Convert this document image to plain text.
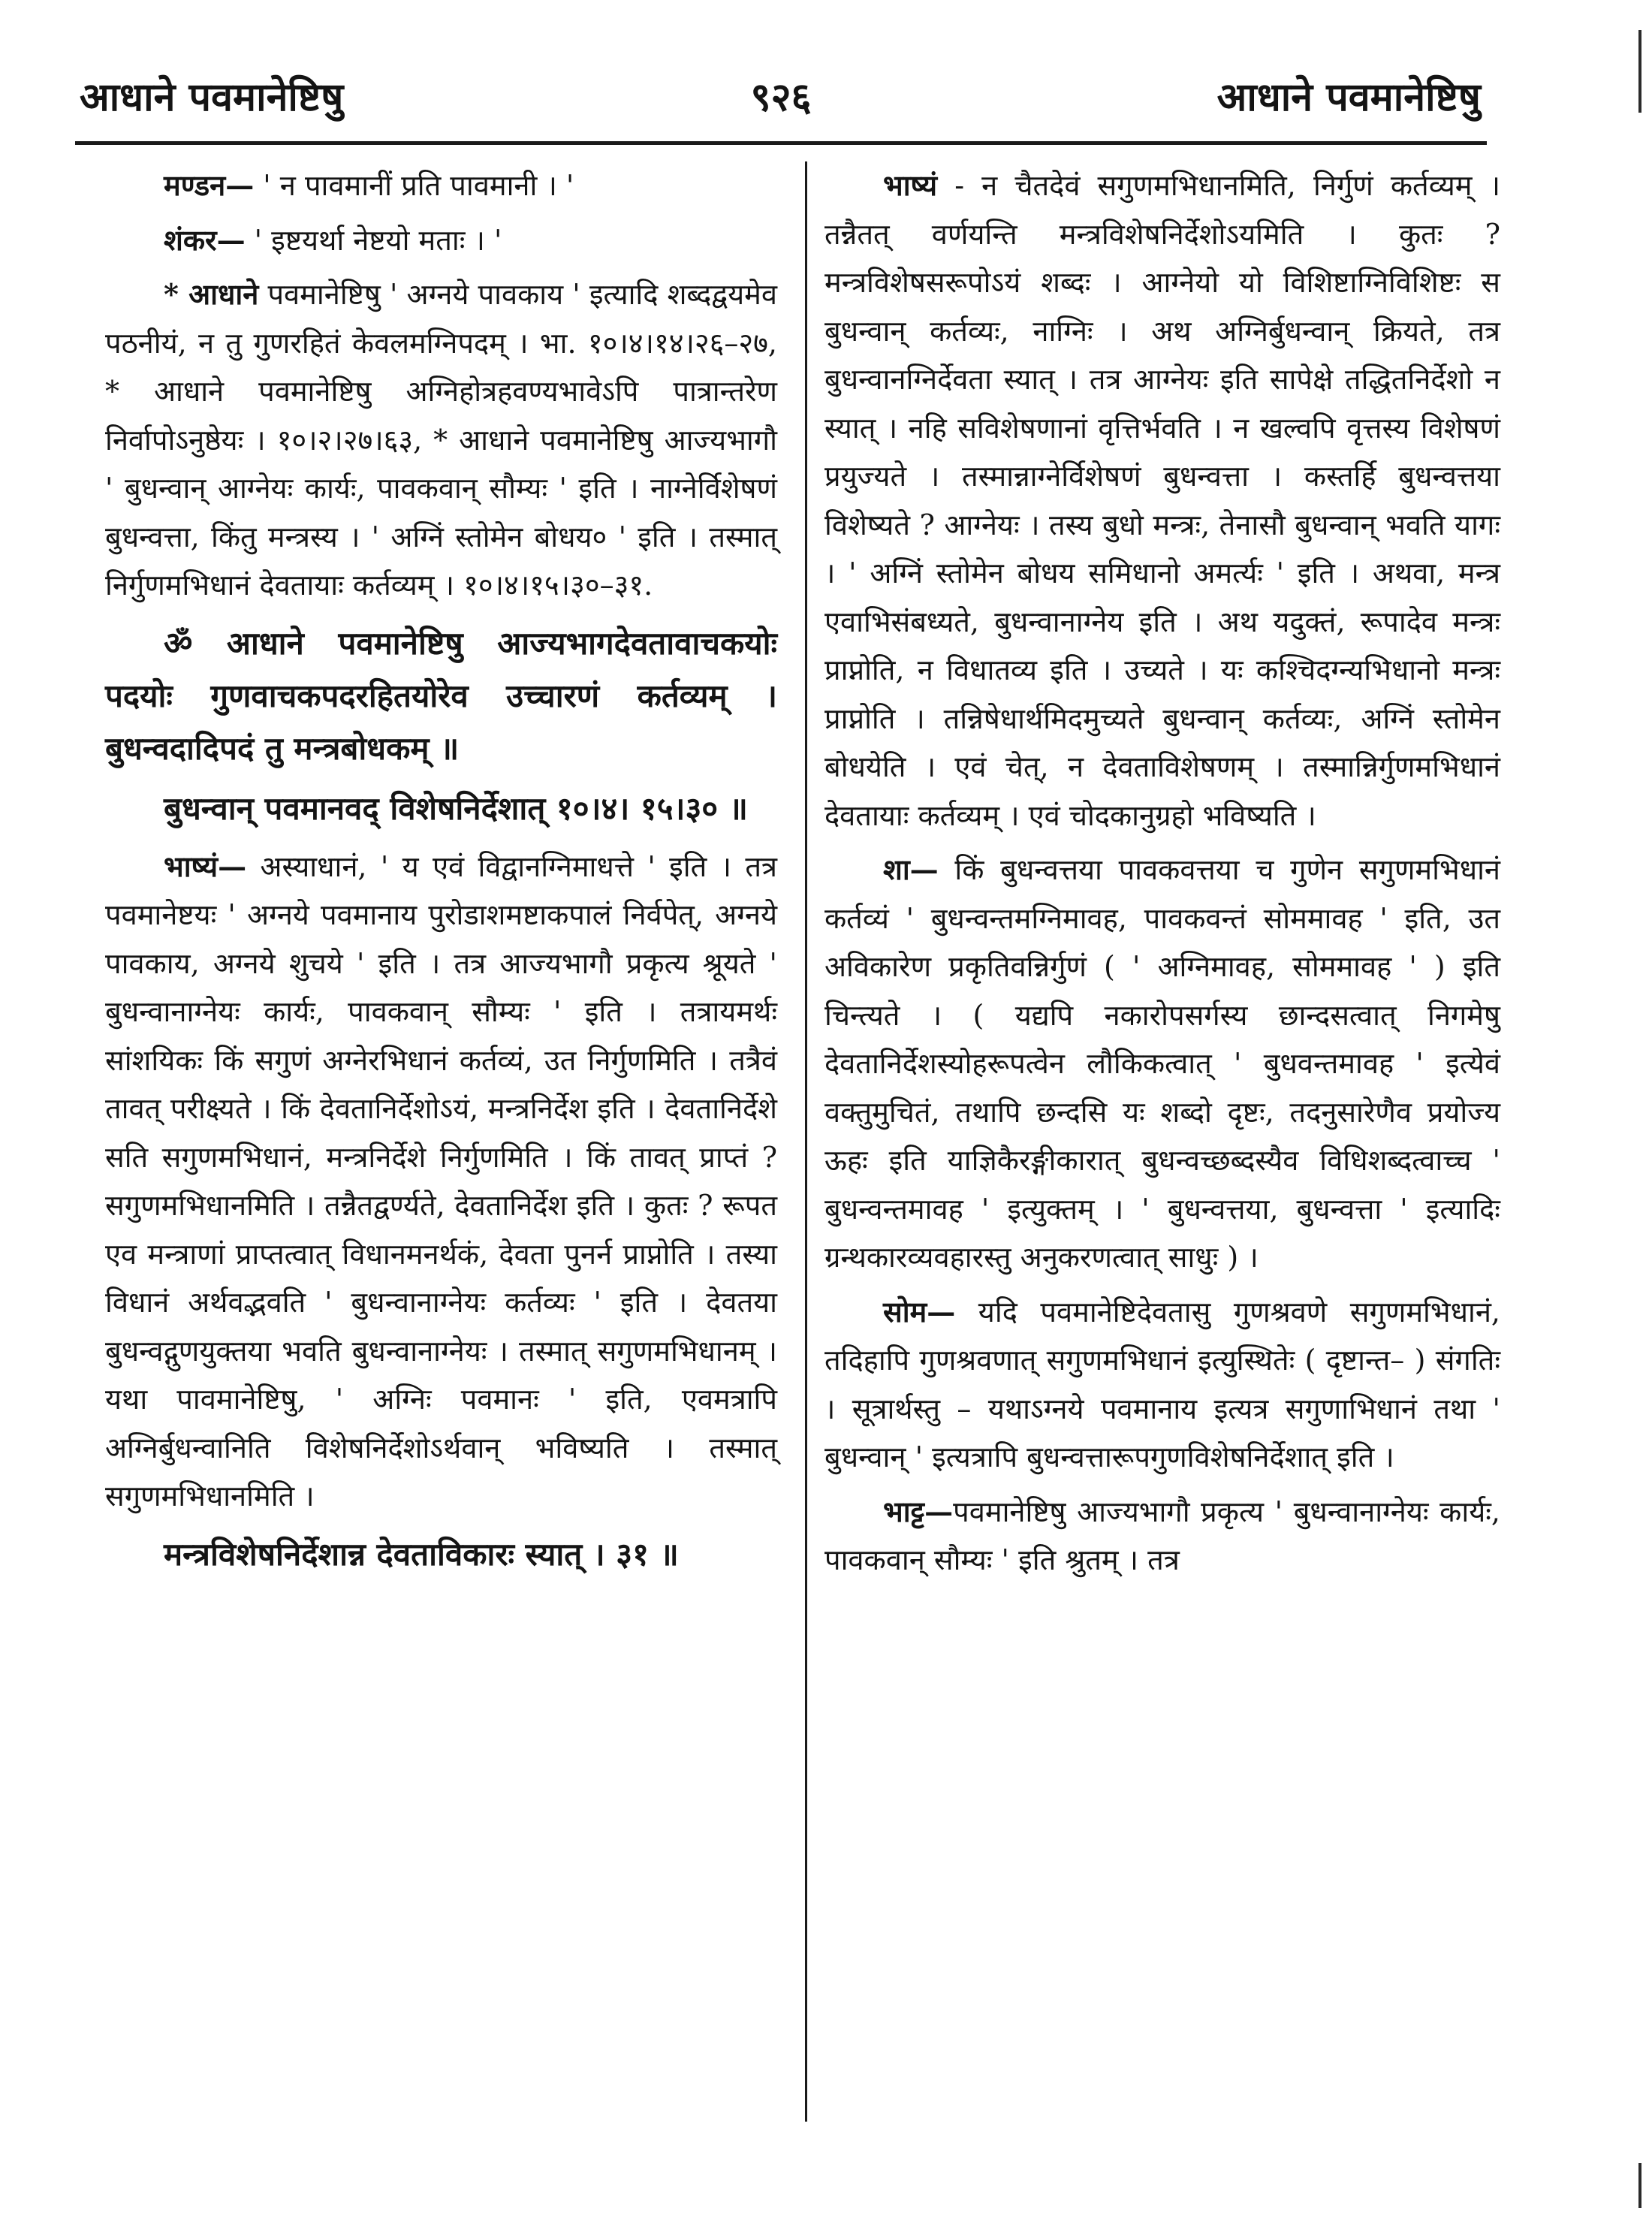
आधाने पवमानेष्टिषु	९२६	आधाने पवमानेष्टिषु

मण्डन— ' न पावमानीं प्रति पावमानी । '

शंकर— ' इष्टयर्था नेष्टयो मताः । '

* आधाने पवमानेष्टिषु ' अग्नये पावकाय ' इत्यादि शब्दद्वयमेव पठनीयं, न तु गुणरहितं केवलमग्निपदम् । भा. १०।४।१४।२६–२७, * आधाने पवमानेष्टिषु अग्निहोत्रहवण्यभावेऽपि पात्रान्तरेण निर्वापोऽनुष्ठेयः । १०।२।२७।६३, * आधाने पवमानेष्टिषु आज्यभागौ ' बुधन्वान् आग्नेयः कार्यः, पावकवान् सौम्यः ' इति । नाग्नेर्विशेषणं बुधन्वत्ता, किंतु मन्त्रस्य । ' अग्निं स्तोमेन बोधय० ' इति । तस्मात् निर्गुणमभिधानं देवतायाः कर्तव्यम् । १०।४।१५।३०–३१.

ॐ आधाने पवमानेष्टिषु आज्यभागदेवतावाचकयोः पदयोः गुणवाचकपदरहितयोरेव उच्चारणं कर्तव्यम् । बुधन्वदादिपदं तु मन्त्रबोधकम् ॥

बुधन्वान् पवमानवद् विशेषनिर्देशात् १०।४। १५।३० ॥

भाष्यं— अस्याधानं, ' य एवं विद्वानग्निमाधत्ते ' इति । तत्र पवमानेष्टयः ' अग्नये पवमानाय पुरोडाशमष्टाकपालं निर्वपेत्, अग्नये पावकाय, अग्नये शुचये ' इति । तत्र आज्यभागौ प्रकृत्य श्रूयते ' बुधन्वानाग्नेयः कार्यः, पावकवान् सौम्यः ' इति । तत्रायमर्थः सांशयिकः किं सगुणं अग्नेरभिधानं कर्तव्यं, उत निर्गुणमिति । तत्रैवं तावत् परीक्ष्यते । किं देवतानिर्देशोऽयं, मन्त्रनिर्देश इति । देवतानिर्देशे सति सगुणमभिधानं, मन्त्रनिर्देशे निर्गुणमिति । किं तावत् प्राप्तं ? सगुणमभिधानमिति । तन्नैतद्वर्ण्यते, देवतानिर्देश इति । कुतः ? रूपत एव मन्त्राणां प्राप्तत्वात् विधानमनर्थकं, देवता पुनर्न प्राप्नोति । तस्या विधानं अर्थवद्भवति ' बुधन्वानाग्नेयः कर्तव्यः ' इति । देवतया बुधन्वद्गुणयुक्तया भवति बुधन्वानाग्नेयः । तस्मात् सगुणमभिधानम् । यथा पावमानेष्टिषु, ' अग्निः पवमानः ' इति, एवमत्रापि अग्निर्बुधन्वानिति विशेषनिर्देशोऽर्थवान् भविष्यति । तस्मात् सगुणमभिधानमिति ।

मन्त्रविशेषनिर्देशान्न देवताविकारः स्यात् । ३१ ॥

भाष्यं - न चैतदेवं सगुणमभिधानमिति, निर्गुणं कर्तव्यम् । तन्नैतत् वर्णयन्ति मन्त्रविशेषनिर्देशोऽयमिति । कुतः ? मन्त्रविशेषसरूपोऽयं शब्दः । आग्नेयो यो विशिष्टाग्निविशिष्टः स बुधन्वान् कर्तव्यः, नाग्निः । अथ अग्निर्बुधन्वान् क्रियते, तत्र बुधन्वानग्निर्देवता स्यात् । तत्र आग्नेयः इति सापेक्षे तद्धितनिर्देशो न स्यात् । नहि सविशेषणानां वृत्तिर्भवति । न खल्वपि वृत्तस्य विशेषणं प्रयुज्यते । तस्मान्नाग्नेर्विशेषणं बुधन्वत्ता । कस्तर्हि बुधन्वत्तया विशेष्यते ? आग्नेयः । तस्य बुधो मन्त्रः, तेनासौ बुधन्वान् भवति यागः । ' अग्निं स्तोमेन बोधय समिधानो अमर्त्यः ' इति । अथवा, मन्त्र एवाभिसंबध्यते, बुधन्वानाग्नेय इति । अथ यदुक्तं, रूपादेव मन्त्रः प्राप्नोति, न विधातव्य इति । उच्यते । यः कश्चिदग्न्यभिधानो मन्त्रः प्राप्नोति । तन्निषेधार्थमिदमुच्यते बुधन्वान् कर्तव्यः, अग्निं स्तोमेन बोधयेति । एवं चेत्, न देवताविशेषणम् । तस्मान्निर्गुणमभिधानं देवतायाः कर्तव्यम् । एवं चोदकानुग्रहो भविष्यति ।

शा— किं बुधन्वत्तया पावकवत्तया च गुणेन सगुणमभिधानं कर्तव्यं ' बुधन्वन्तमग्निमावह, पावकवन्तं सोममावह ' इति, उत अविकारेण प्रकृतिवन्निर्गुणं ( ' अग्निमावह, सोममावह ' ) इति चिन्त्यते । ( यद्यपि नकारोपसर्गस्य छान्दसत्वात् निगमेषु देवतानिर्देशस्योहरूपत्वेन लौकिकत्वात् ' बुधवन्तमावह ' इत्येवं वक्तुमुचितं, तथापि छन्दसि यः शब्दो दृष्टः, तदनुसारेणैव प्रयोज्य ऊहः इति याज्ञिकैरङ्गीकारात् बुधन्वच्छब्दस्यैव विधिशब्दत्वाच्च ' बुधन्वन्तमावह ' इत्युक्तम् । ' बुधन्वत्तया, बुधन्वत्ता ' इत्यादिः ग्रन्थकारव्यवहारस्तु अनुकरणत्वात् साधुः ) ।

सोम— यदि पवमानेष्टिदेवतासु गुणश्रवणे सगुणमभिधानं, तदिहापि गुणश्रवणात् सगुणमभिधानं इत्युस्थितेः ( दृष्टान्त– ) संगतिः । सूत्रार्थस्तु – यथाऽग्नये पवमानाय इत्यत्र सगुणाभिधानं तथा ' बुधन्वान् ' इत्यत्रापि बुधन्वत्तारूपगुणविशेषनिर्देशात् इति ।

भाट्ट—पवमानेष्टिषु आज्यभागौ प्रकृत्य ' बुधन्वानाग्नेयः कार्यः, पावकवान् सौम्यः ' इति श्रुतम् । तत्र
